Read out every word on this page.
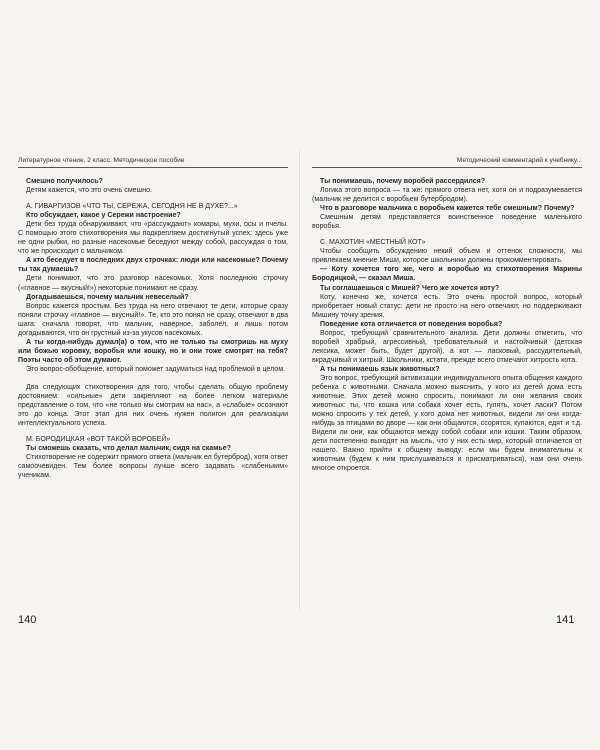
Литературное чтение, 2 класс. Методическое пособие

Смешно получилось?

Детям кажется, что это очень смешно.

А. ГИВАРГИЗОВ «ЧТО ТЫ, СЕРЕЖА, СЕГОДНЯ НЕ В ДУХЕ?...»

Кто обсуждает, какое у Сережи настроение?

Дети без труда обнаруживают, что «рассуждают» комары, мухи, осы и пчелы. С помощью этого стихотворения мы подкрепляем достигнутый успех: здесь уже не одни рыбки, но разные насекомые беседуют между собой, рассуждая о том, что же происходит с мальчиком.

А кто беседует в последних двух строчках: люди или насекомые? Почему ты так думаешь?

Дети понимают, что это разговор насекомых. Хотя последнюю строчку («главное — вкусный!») некоторые понимают не сразу.

Догадываешься, почему мальчик невеселый?

Вопрос кажется простым. Без труда на него отвечают те дети, которые сразу поняли строчку «главное — вкусный!». Те, кто это понял не сразу, отвечают в два шага: сначала говорят, что мальчик, наверное, заболел, и лишь потом догадываются, что он грустный из-за укусов насекомых.

А ты когда-нибудь думал(а) о том, что не только ты смотришь на муху или божью коровку, воробья или кошку, но и они тоже смотрят на тебя? Поэты часто об этом думают.

Это вопрос-обобщение, который поможет задуматься над проблемой в целом.

Два следующих стихотворения для того, чтобы сделать общую проблему достоянием: «сильные» дети закрепляют на более легком материале представление о том, что «не только мы смотрим на нас», а «слабые» осознают это до конца. Этот этап для них очень нужен полигон для реализации интеллектуального успеха.

М. БОРОДИЦКАЯ «ВОТ ТАКОЙ ВОРОБЕЙ»

Ты сможешь сказать, что делал мальчик, сидя на скамье?

Стихотворение не содержит прямого ответа (мальчик ел бутерброд), хотя ответ самоочевиден. Тем более вопросы лучше всего задавать «слабеньким» ученикам.

Методический комментарий к учебнику...

Ты понимаешь, почему воробей рассердился?

Логика этого вопроса — та же: прямого ответа нет, хотя он и подразумевается (мальчик не делится с воробьем бутербродом).

Что в разговоре мальчика с воробьем кажется тебе смешным? Почему?

Смешным детям представляется воинственное поведение маленького воробья.

С. МАХОТИН «МЕСТНЫЙ КОТ»

Чтобы сообщить обсуждению некий объем и оттенок сложности, мы привлекаем мнение Миши, которое школьники должны прокомментировать.

— Коту хочется того же, чего и воробью из стихотворения Марины Бородицкой, — сказал Миша.

Ты соглашаешься с Мишей? Чего же хочется коту?

Коту, конечно же, хочется есть. Это очень простой вопрос, который приобретает новый статус: дети не просто на него отвечают, но поддерживают Мишину точку зрения.

Поведение кота отличается от поведения воробья?

Вопрос, требующий сравнительного анализа. Дети должны отметить, что воробей храбрый, агрессивный, требовательный и настойчивый (детская лексика, может быть, будет другой), а кот — ласковый, рассудительный, вкрадчивый и хитрый. Школьники, кстати, прежде всего отмечают хитрость кота.

А ты понимаешь язык животных?

Это вопрос, требующий активизации индивидуального опыта общения каждого ребенка с животными. Сначала можно выяснить, у кого из детей дома есть животные. Этих детей можно спросить, понимают ли они желания своих животных: ты, что кошка или собака хочет есть, гулять, хочет ласки? Потом можно спросить у тех детей, у кого дома нет животных, видели ли они когда-нибудь за птицами во дворе — как они общаются, ссорятся, купаются, едят и т.д. Видели ли они, как общаются между собой собаки или кошки. Таким образом, дети постепенно выходят на мысль, что у них есть мир, который отличается от нашего. Важно прийти к общему выводу: если мы будем внимательны к животным (будем к ним прислушиваться и присматриваться), нам они очень многое откроется.

140	141
